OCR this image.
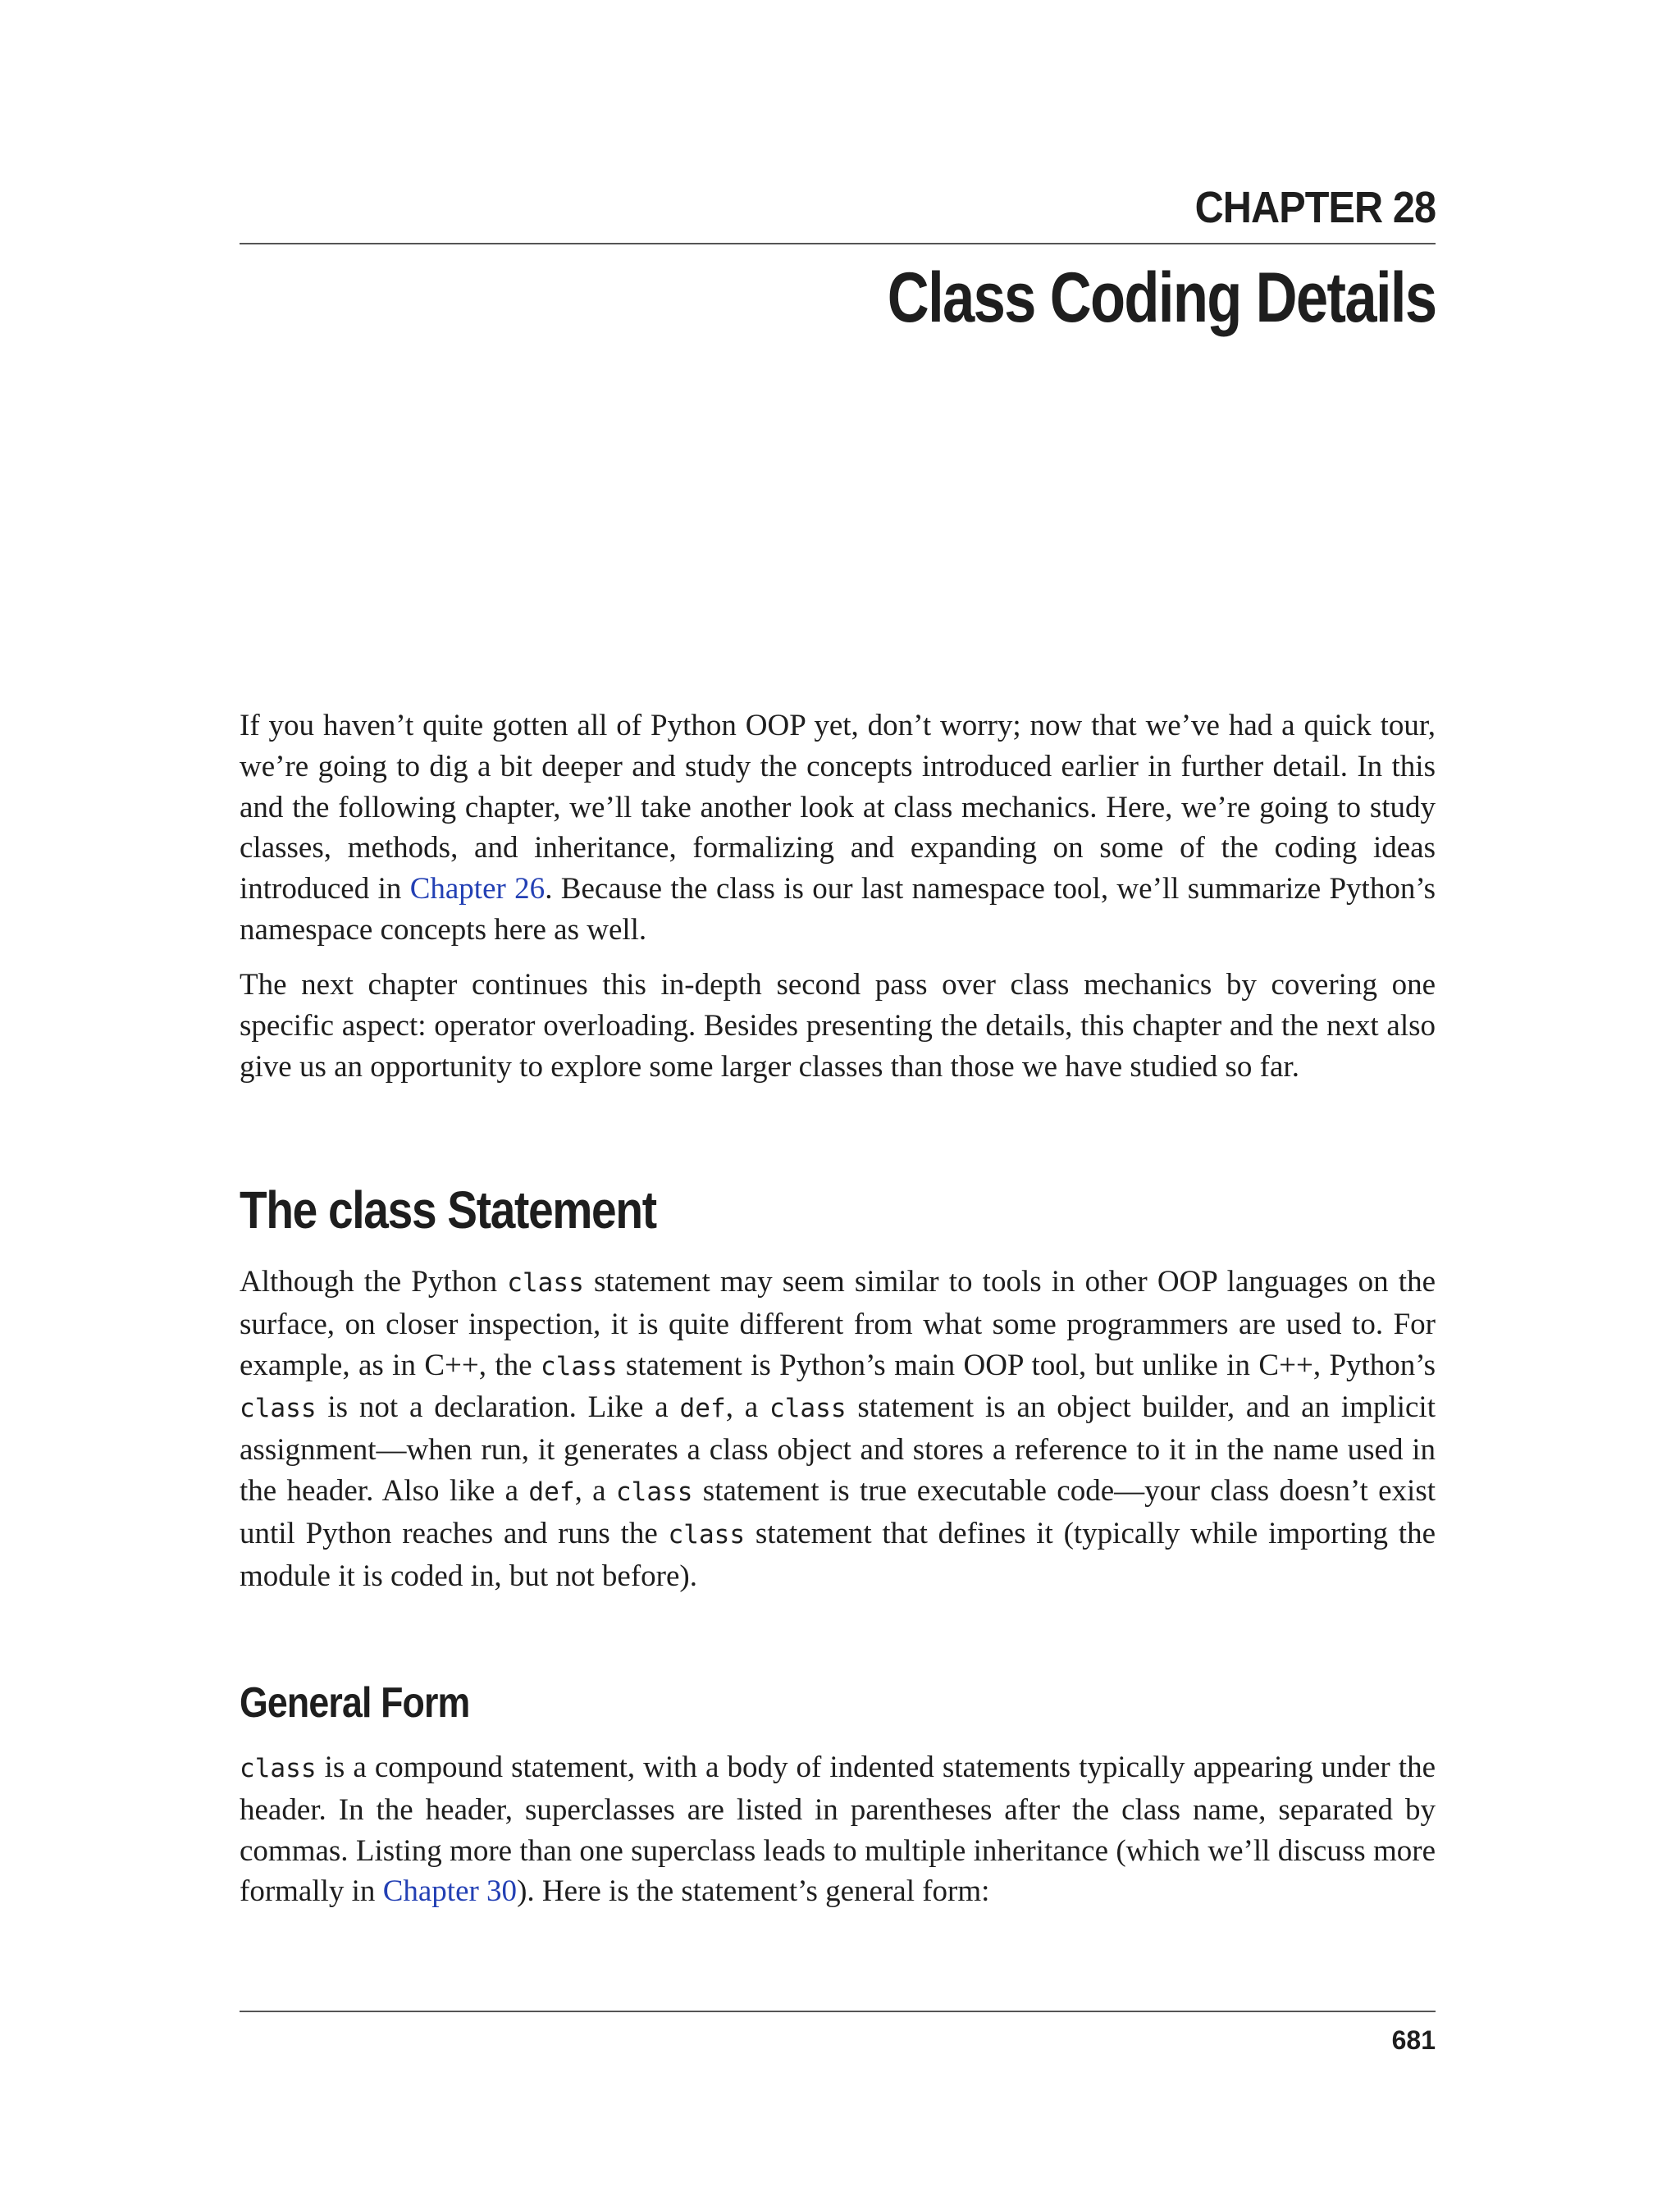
CHAPTER 28
Class Coding Details

If you haven’t quite gotten all of Python OOP yet, don’t worry; now that we’ve had a quick tour, we’re going to dig a bit deeper and study the concepts introduced earlier in further detail. In this and the following chapter, we’ll take another look at class mechanics. Here, we’re going to study classes, methods, and inheritance, formalizing and expanding on some of the coding ideas introduced in Chapter 26. Because the class is our last namespace tool, we’ll summarize Python’s namespace concepts here as well.

The next chapter continues this in-depth second pass over class mechanics by covering one specific aspect: operator overloading. Besides presenting the details, this chapter and the next also give us an opportunity to explore some larger classes than those we have studied so far.

The class Statement

Although the Python class statement may seem similar to tools in other OOP languages on the surface, on closer inspection, it is quite different from what some programmers are used to. For example, as in C++, the class statement is Python’s main OOP tool, but unlike in C++, Python’s class is not a declaration. Like a def, a class statement is an object builder, and an implicit assignment—when run, it generates a class object and stores a reference to it in the name used in the header. Also like a def, a class statement is true executable code—your class doesn’t exist until Python reaches and runs the class statement that defines it (typically while importing the module it is coded in, but not before).

General Form

class is a compound statement, with a body of indented statements typically appearing under the header. In the header, superclasses are listed in parentheses after the class name, separated by commas. Listing more than one superclass leads to multiple inheritance (which we’ll discuss more formally in Chapter 30). Here is the statement’s general form:

681
